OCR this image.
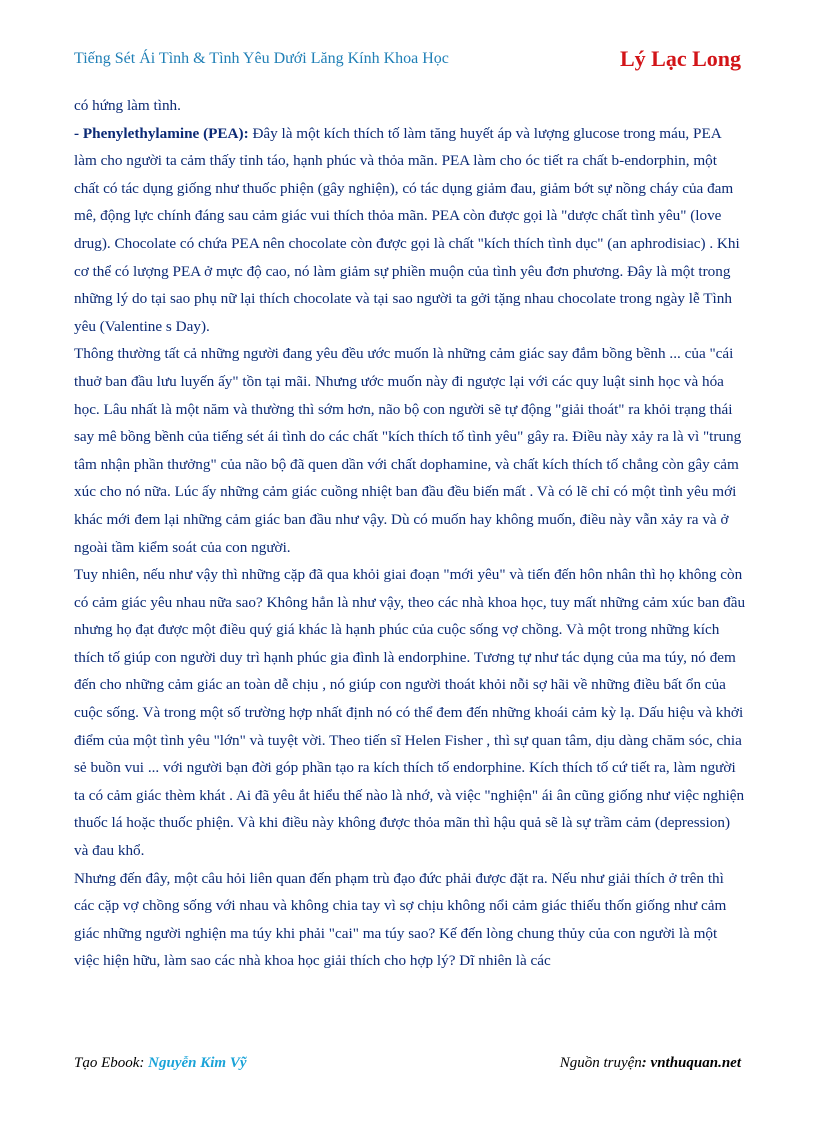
Tiếng Sét Ái Tình & Tình Yêu Dưới Lăng Kính Khoa Học	Lý Lạc Long

có hứng làm tình.

- Phenylethylamine (PEA): Đây là một kích thích tố làm tăng huyết áp và lượng glucose trong máu, PEA làm cho người ta cảm thấy tỉnh táo, hạnh phúc và thỏa mãn. PEA làm cho óc tiết ra chất b-endorphin, một chất có tác dụng giống như thuốc phiện (gây nghiện), có tác dụng giảm đau, giảm bớt sự nồng cháy của đam mê, động lực chính đáng sau cảm giác vui thích thỏa mãn. PEA còn được gọi là "dược chất tình yêu" (love drug). Chocolate có chứa PEA nên chocolate còn được gọi là chất "kích thích tình dục" (an aphrodisiac) . Khi cơ thể có lượng PEA ở mực độ cao, nó làm giảm sự phiền muộn của tình yêu đơn phương. Đây là một trong những lý do tại sao phụ nữ lại thích chocolate và tại sao người ta gởi tặng nhau chocolate trong ngày lễ Tình yêu (Valentine s Day).

Thông thường tất cả những người đang yêu đều ước muốn là những cảm giác say đắm bồng bềnh ... của "cái thuở ban đầu lưu luyến ấy" tồn tại mãi. Nhưng ước muốn này đi ngược lại với các quy luật sinh học và hóa học. Lâu nhất là một năm và thường thì sớm hơn, não bộ con người sẽ tự động "giải thoát" ra khỏi trạng thái say mê bồng bềnh của tiếng sét ái tình do các chất "kích thích tố tình yêu" gây ra. Điều này xảy ra là vì "trung tâm nhận phần thưởng" của não bộ đã quen dần với chất dophamine, và chất kích thích tố chẳng còn gây cảm xúc cho nó nữa. Lúc ấy những cảm giác cuồng nhiệt ban đầu đều biến mất . Và có lẽ chỉ có một tình yêu mới khác mới đem lại những cảm giác ban đầu như vậy. Dù có muốn hay không muốn, điều này vẫn xảy ra và ở ngoài tầm kiểm soát của con người.

Tuy nhiên, nếu như vậy thì những cặp đã qua khỏi giai đoạn "mới yêu" và tiến đến hôn nhân thì họ không còn có cảm giác yêu nhau nữa sao? Không hẳn là như vậy, theo các nhà khoa học, tuy mất những cảm xúc ban đầu nhưng họ đạt được một điều quý giá khác là hạnh phúc của cuộc sống vợ chồng. Và một trong những kích thích tố giúp con người duy trì hạnh phúc gia đình là endorphine. Tương tự như tác dụng của ma túy, nó đem đến cho những cảm giác an toàn dễ chịu , nó giúp con người thoát khỏi nỗi sợ hãi về những điều bất ổn của cuộc sống. Và trong một số trường hợp nhất định nó có thể đem đến những khoái cảm kỳ lạ. Dấu hiệu và khởi điểm của một tình yêu "lớn" và tuyệt vời. Theo tiến sĩ Helen Fisher , thì sự quan tâm, dịu dàng chăm sóc, chia sẻ buồn vui ... với người bạn đời góp phần tạo ra kích thích tố endorphine. Kích thích tố cứ tiết ra, làm người ta có cảm giác thèm khát . Ai đã yêu ắt hiểu thế nào là nhớ, và việc "nghiện" ái ân cũng giống như việc nghiện thuốc lá hoặc thuốc phiện. Và khi điều này không được thỏa mãn thì hậu quả sẽ là sự trầm cảm (depression) và đau khổ.

Nhưng đến đây, một câu hỏi liên quan đến phạm trù đạo đức phải được đặt ra. Nếu như giải thích ở trên thì các cặp vợ chồng sống với nhau và không chia tay vì sợ chịu không nổi cảm giác thiếu thốn giống như cảm giác những người nghiện ma túy khi phải "cai" ma túy sao? Kế đến lòng chung thủy của con người là một việc hiện hữu, làm sao các nhà khoa học giải thích cho hợp lý? Dĩ nhiên là các

Tạo Ebook: Nguyễn Kim Vỹ	Nguồn truyện: vnthuquan.net
